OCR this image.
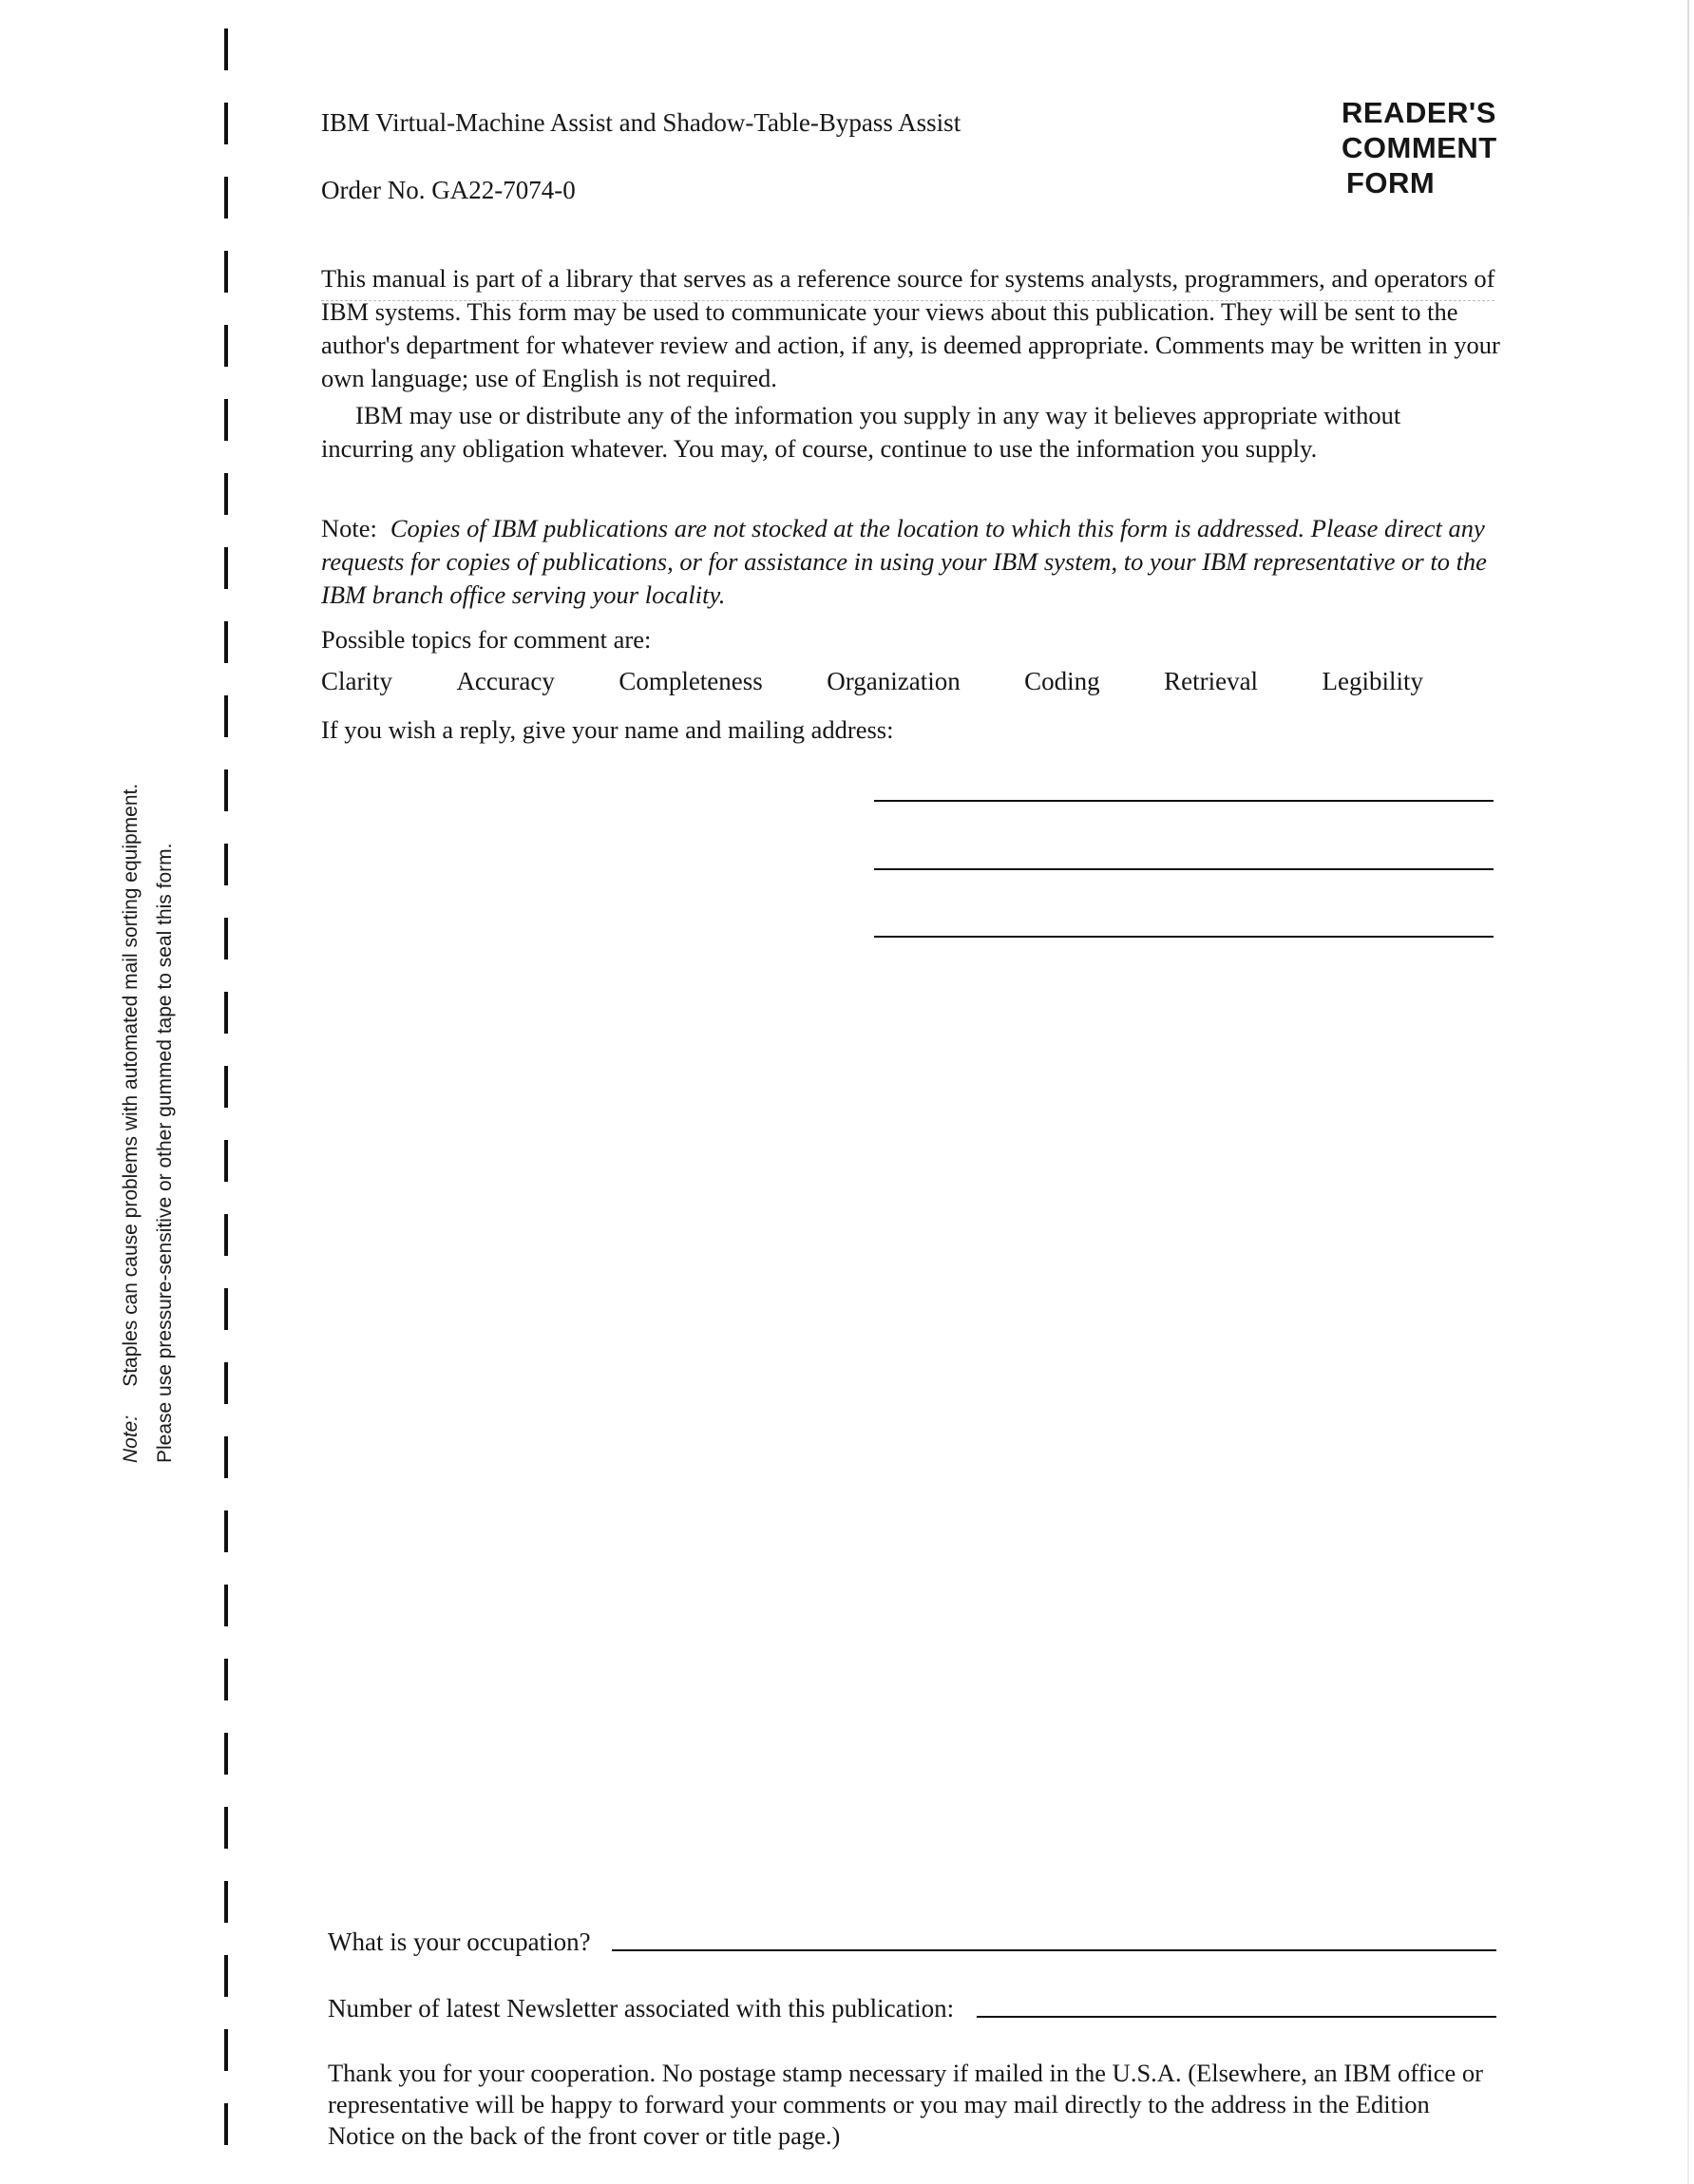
Note:Staples can cause problems with automated mail sorting equipment. Please use pressure-sensitive or other gummed tape to seal this form.
IBM Virtual-Machine Assist and Shadow-Table-Bypass Assist
Order No. GA22-7074-0
READER'S
COMMENT
FORM
This manual is part of a library that serves as a reference source for systems analysts, programmers, and operators of IBM systems. This form may be used to communicate your views about this publication. They will be sent to the author's department for whatever review and action, if any, is deemed appropriate. Comments may be written in your own language; use of English is not required.
IBM may use or distribute any of the information you supply in any way it believes appropriate without incurring any obligation whatever. You may, of course, continue to use the information you supply.
Note: Copies of IBM publications are not stocked at the location to which this form is addressed. Please direct any requests for copies of publications, or for assistance in using your IBM system, to your IBM representative or to the IBM branch office serving your locality.
Possible topics for comment are:
Clarity Accuracy Completeness Organization Coding Retrieval Legibility
If you wish a reply, give your name and mailing address:
What is your occupation?
Number of latest Newsletter associated with this publication:
Thank you for your cooperation. No postage stamp necessary if mailed in the U.S.A. (Elsewhere, an IBM office or representative will be happy to forward your comments or you may mail directly to the address in the Edition Notice on the back of the front cover or title page.)
